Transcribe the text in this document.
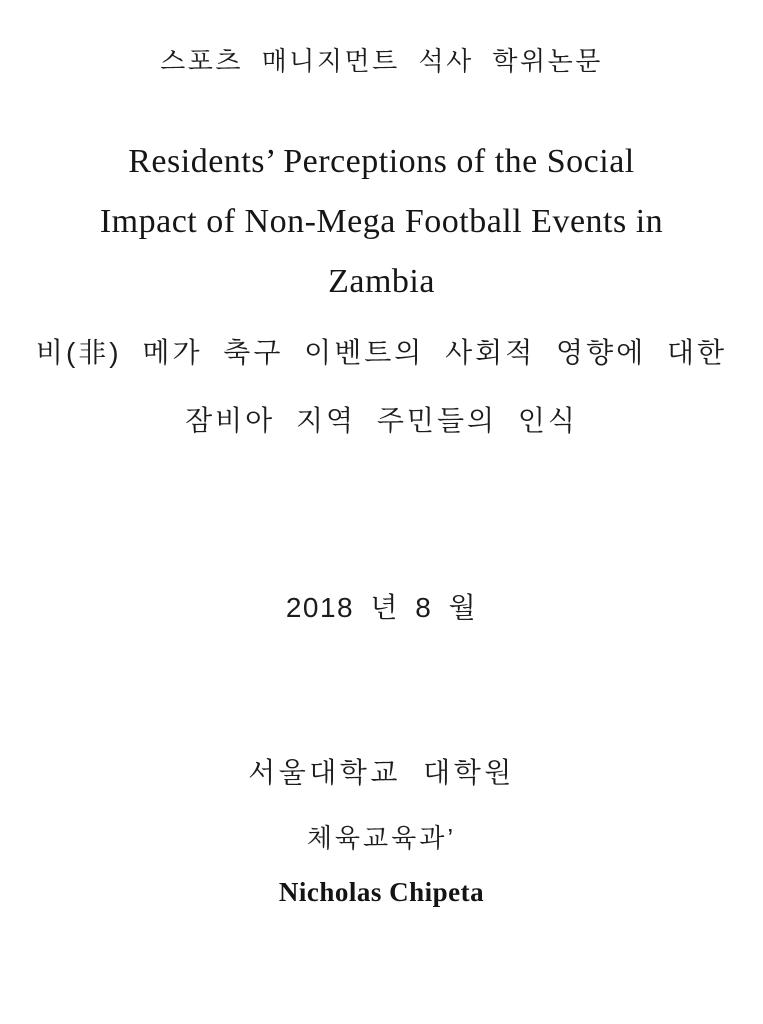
스포츠 매니지먼트 석사 학위논문
Residents’ Perceptions of the Social
Impact of Non-Mega Football Events in
Zambia
비(非) 메가 축구 이벤트의 사회적 영향에 대한
잠비아 지역 주민들의 인식
2018 년 8 월
서울대학교 대학원
체육교육과’
Nicholas Chipeta
